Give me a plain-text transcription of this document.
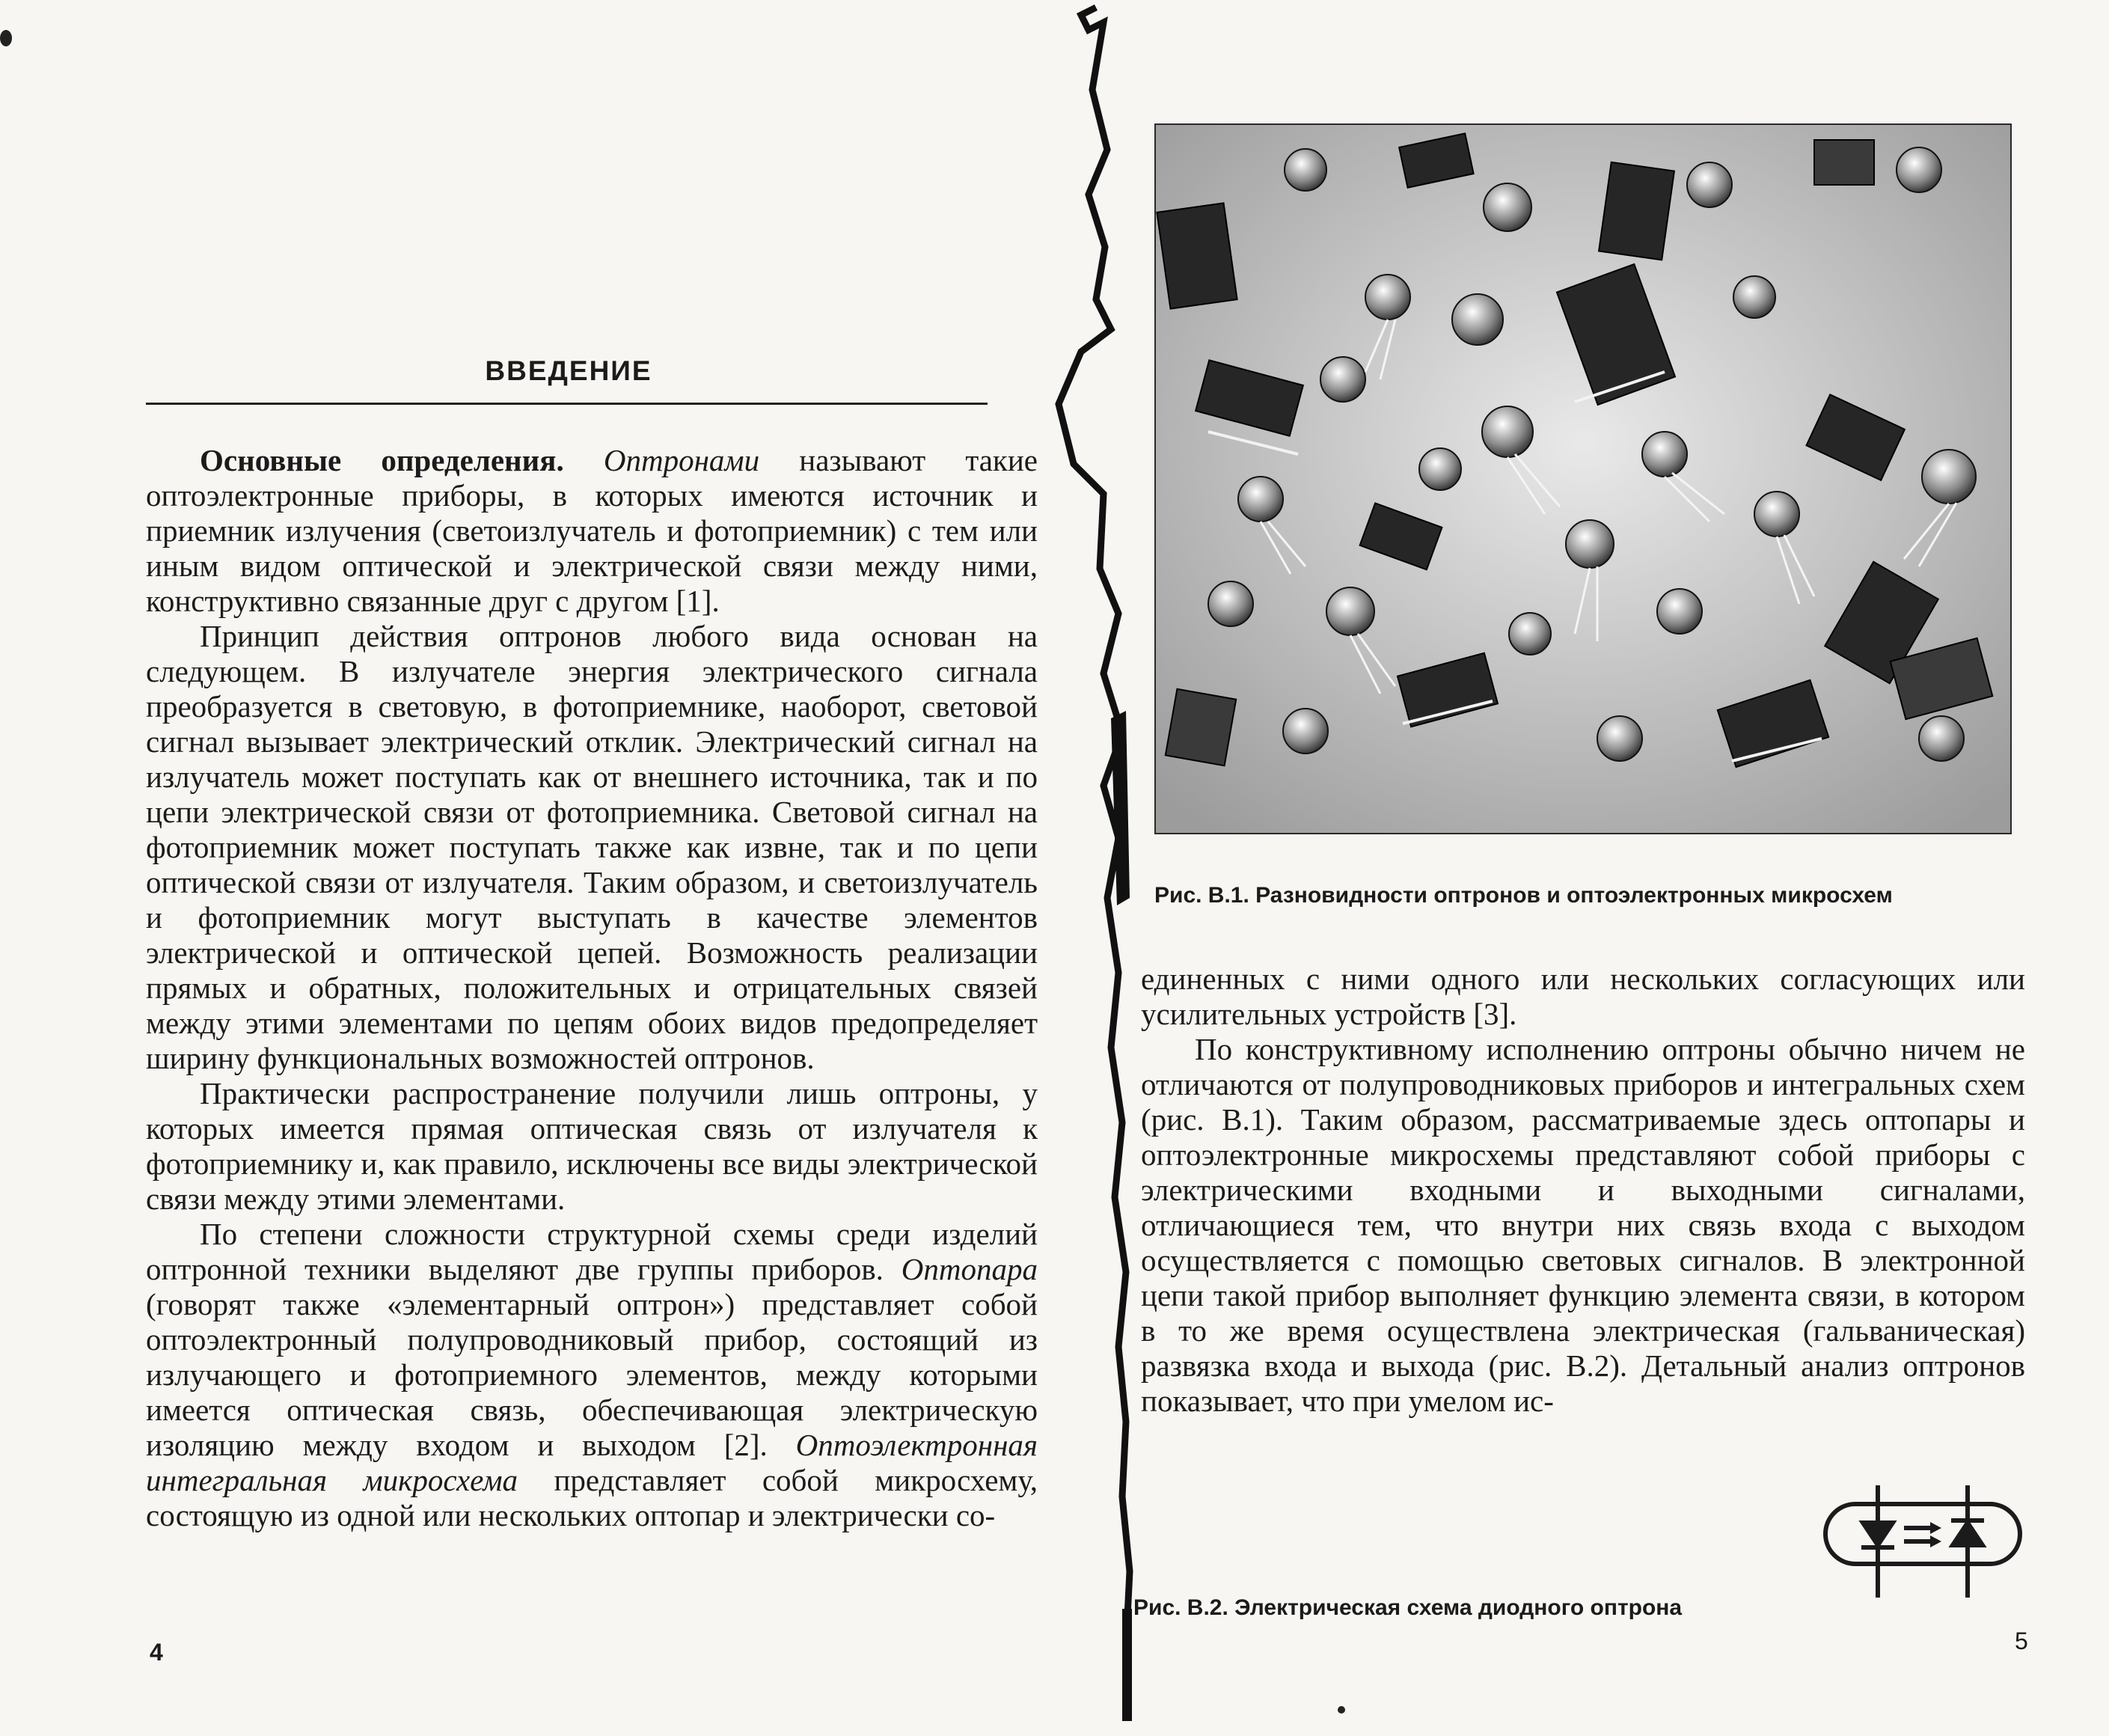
ВВЕДЕНИЕ

Основные определения. Оптронами называют такие оптоэлектронные приборы, в которых имеются источник и приемник излучения (светоизлучатель и фотоприемник) с тем или иным видом оптической и электрической связи между ними, конструктивно связанные друг с другом [1].

Принцип действия оптронов любого вида основан на следующем. В излучателе энергия электрического сигнала преобразуется в световую, в фотоприемнике, наоборот, световой сигнал вызывает электрический отклик. Электрический сигнал на излучатель может поступать как от внешнего источника, так и по цепи электрической связи от фотоприемника. Световой сигнал на фотоприемник может поступать также как извне, так и по цепи оптической связи от излучателя. Таким образом, и светоизлучатель и фотоприемник могут выступать в качестве элементов электрической и оптической цепей. Возможность реализации прямых и обратных, положительных и отрицательных связей между этими элементами по цепям обоих видов предопределяет ширину функциональных возможностей оптронов.

Практически распространение получили лишь оптроны, у которых имеется прямая оптическая связь от излучателя к фотоприемнику и, как правило, исключены все виды электрической связи между этими элементами.

По степени сложности структурной схемы среди изделий оптронной техники выделяют две группы приборов. Оптопара (говорят также «элементарный оптрон») представляет собой оптоэлектронный полупроводниковый прибор, состоящий из излучающего и фотоприемного элементов, между которыми имеется оптическая связь, обеспечивающая электрическую изоляцию между входом и выходом [2]. Оптоэлектронная интегральная микросхема представляет собой микросхему, состоящую из одной или нескольких оптопар и электрически со-

4
Рис. В.1. Разновидности оптронов и оптоэлектронных микросхем

единенных с ними одного или нескольких согласующих или усилительных устройств [3].

По конструктивному исполнению оптроны обычно ничем не отличаются от полупроводниковых приборов и интегральных схем (рис. В.1). Таким образом, рассматриваемые здесь оптопары и оптоэлектронные микросхемы представляют собой приборы с электрическими входными и выходными сигналами, отличающиеся тем, что внутри них связь входа с выходом осуществляется с помощью световых сигналов. В электронной цепи такой прибор выполняет функцию элемента связи, в котором в то же время осуществлена электрическая (гальваническая) развязка входа и выхода (рис. В.2). Детальный анализ оптронов показывает, что при умелом ис-

Рис. В.2. Электрическая схема диодного оптрона
5
